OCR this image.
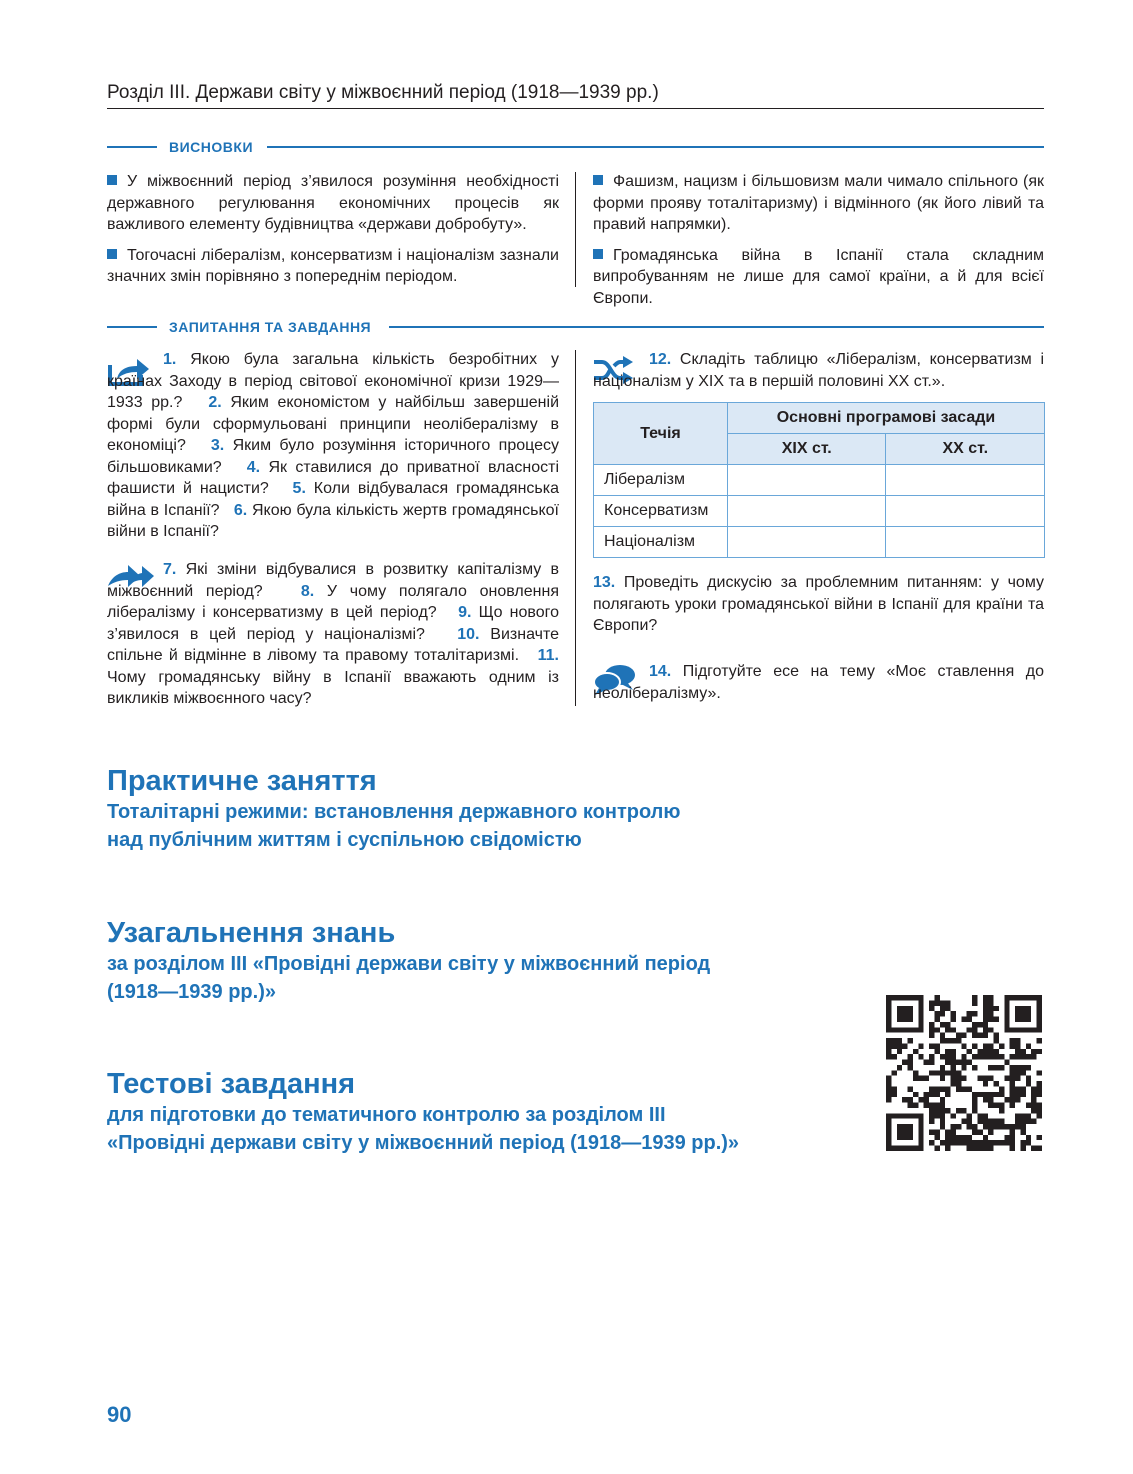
Розділ III. Держави світу у міжвоєнний період (1918—1939 рр.)
ВИСНОВКИ

У міжвоєнний період з’явилося розуміння необхідності державного регулювання економічних процесів як важливого елементу будівництва «держави добробуту».

Тогочасні лібералізм, консерватизм і націоналізм зазнали значних змін порівняно з попереднім періодом.

Фашизм, нацизм і більшовизм мали чимало спільного (як форми прояву тоталітаризму) і відмінного (як його лівий та правий напрямки).

Громадянська війна в Іспанії стала складним випробуванням не лише для самої країни, а й для всієї Європи.

ЗАПИТАННЯ ТА ЗАВДАННЯ

1. Якою була загальна кількість безробітних у країнах Заходу в період світової економічної кризи 1929—1933 рр.? 2. Яким економістом у найбільш завершеній формі були сформульовані принципи неолібералізму в економіці? 3. Яким було розуміння історичного процесу більшовиками? 4. Як ставилися до приватної власності фашисти й нацисти? 5. Коли відбувалася громадянська війна в Іспанії? 6. Якою була кількість жертв громадянської війни в Іспанії?

7. Які зміни відбувалися в розвитку капіталізму в міжвоєнний період? 8. У чому полягало оновлення лібералізму і консерватизму в цей період? 9. Що нового з’явилося в цей період у націоналізмі? 10. Визначте спільне й відмінне в лівому та правому тоталітаризмі. 11. Чому громадянську війну в Іспанії вважають одним із викликів міжвоєнного часу?

12. Складіть таблицю «Лібералізм, консерватизм і націоналізм у XIX та в першій половині XX ст.».

Течія	Основні програмові засади	
	XIX ст.	XX ст.
Лібералізм		
Консерватизм		
Націоналізм		

13. Проведіть дискусію за проблемним питанням: у чому полягають уроки громадянської війни в Іспанії для країни та Європи?

14. Підготуйте есе на тему «Моє ставлення до неолібералізму».

Практичне заняття
Тоталітарні режими: встановлення державного контролю
над публічним життям і суспільною свідомістю
Узагальнення знань
за розділом III «Провідні держави світу у міжвоєнний період
(1918—1939 рр.)»
Тестові завдання
для підготовки до тематичного контролю за розділом III
«Провідні держави світу у міжвоєнний період (1918—1939 рр.)»
90
